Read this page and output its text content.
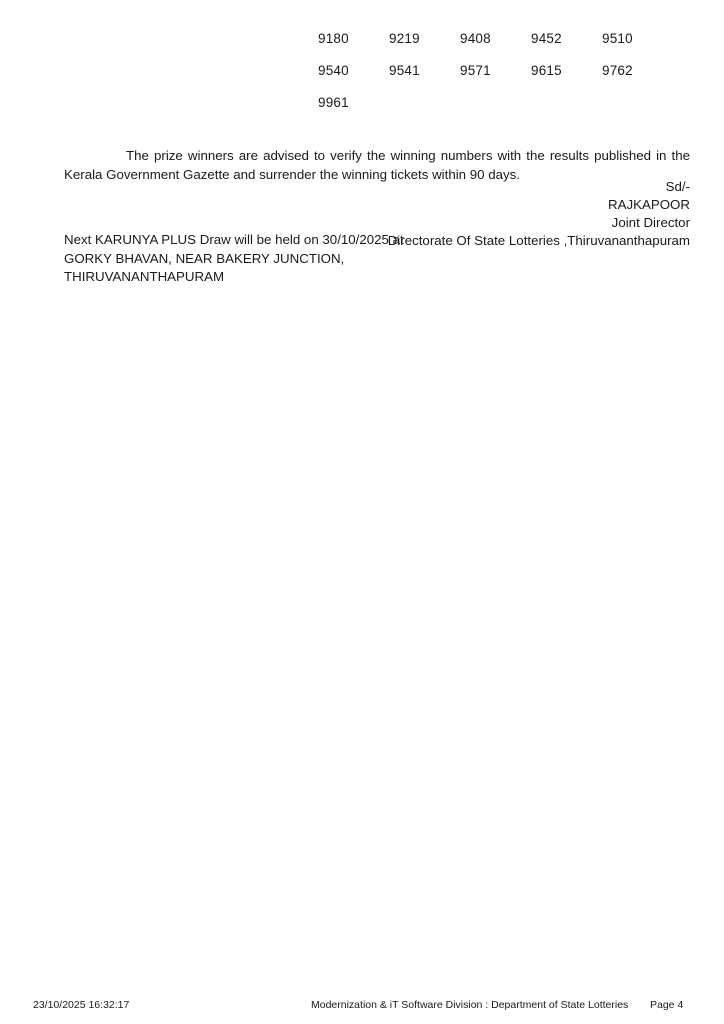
9180	9219	9408	9452	9510
9540	9541	9571	9615	9762
9961
The prize winners are advised to verify the winning numbers with the results published in the Kerala Government Gazette and surrender the winning tickets within 90 days.
Sd/-
RAJKAPOOR
Joint Director
Directorate Of State Lotteries ,Thiruvananthapuram
Next KARUNYA PLUS Draw will be held on 30/10/2025 at
GORKY BHAVAN, NEAR BAKERY JUNCTION,
THIRUVANANTHAPURAM
23/10/2025 16:32:17	Modernization & iT Software Division : Department of State Lotteries Page 4
